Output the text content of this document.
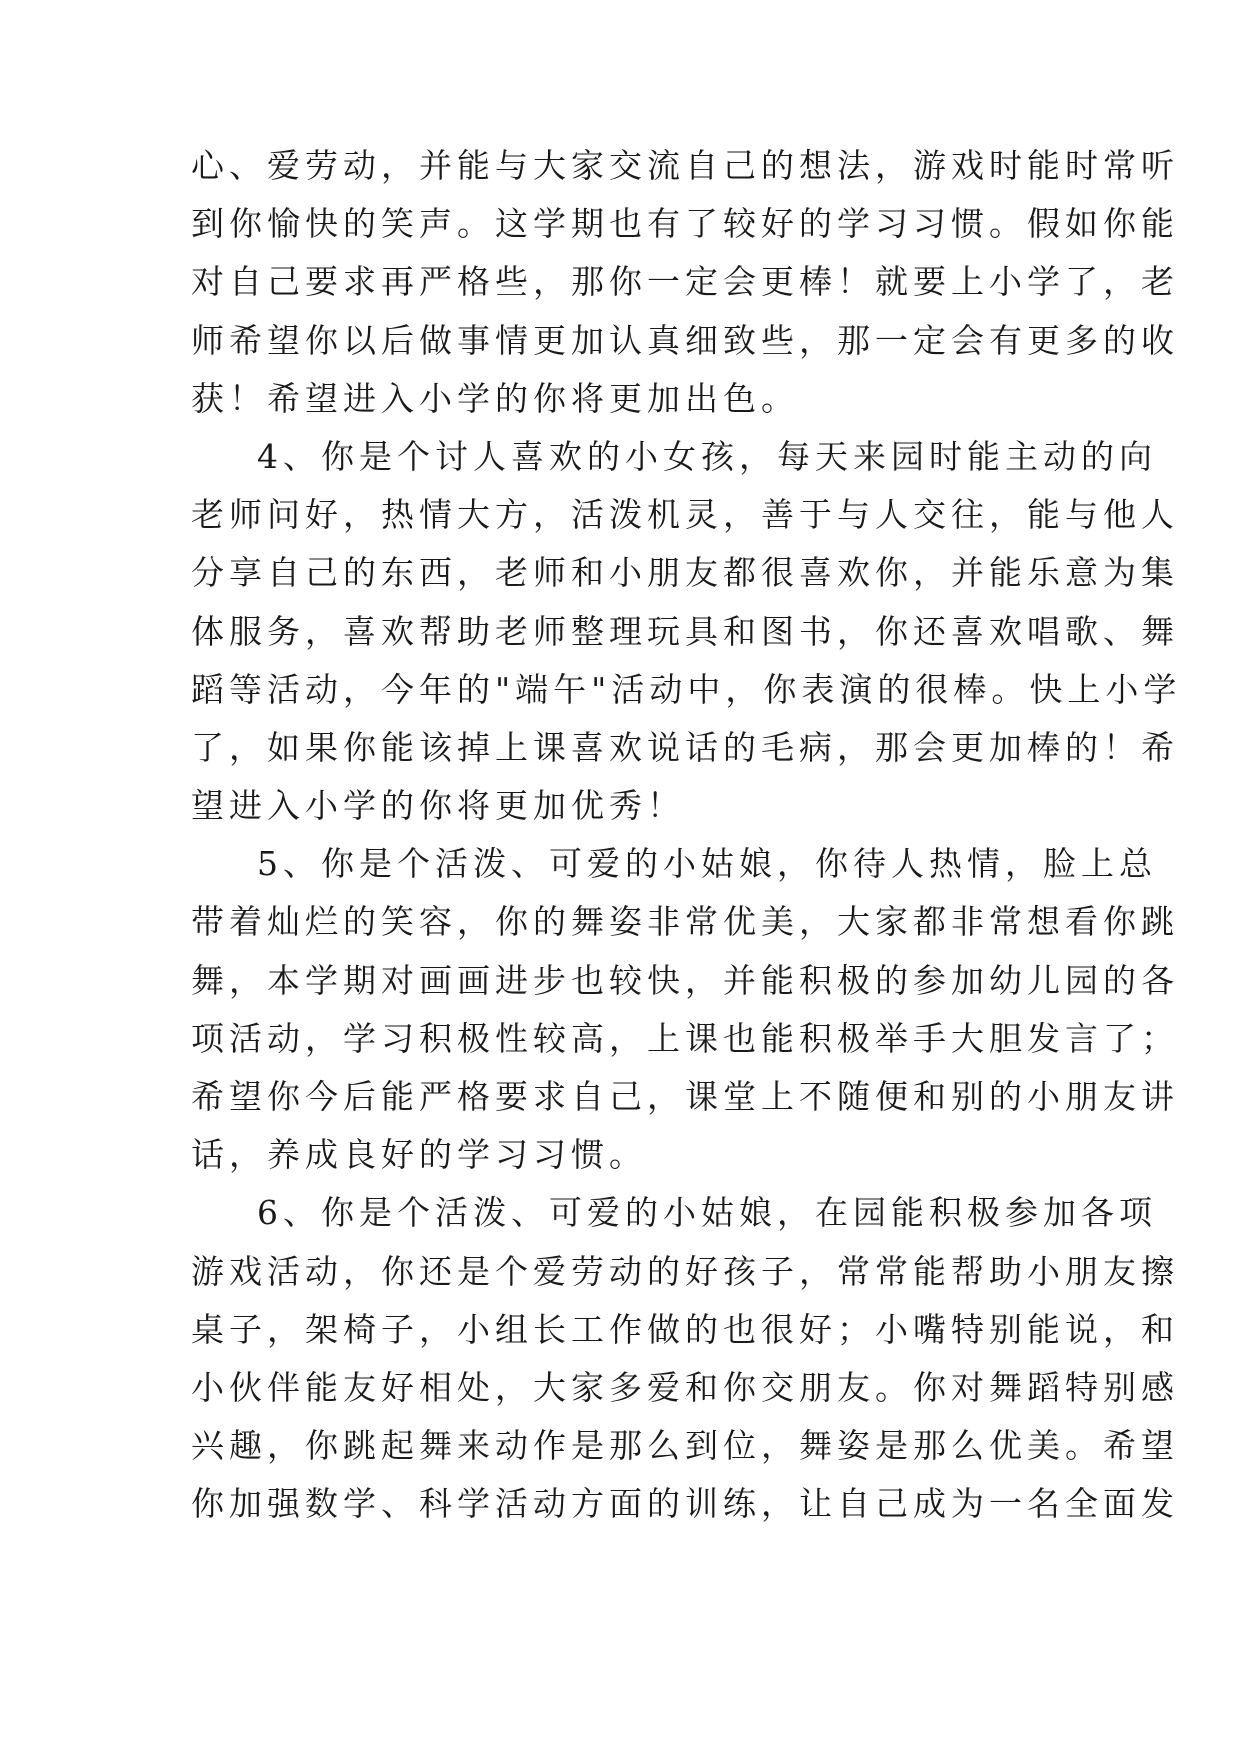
心、爱劳动，并能与大家交流自己的想法，游戏时能时常听
到你愉快的笑声。这学期也有了较好的学习习惯。假如你能
对自己要求再严格些，那你一定会更棒！就要上小学了，老
师希望你以后做事情更加认真细致些，那一定会有更多的收
获！希望进入小学的你将更加出色。
4、你是个讨人喜欢的小女孩，每天来园时能主动的向
老师问好，热情大方，活泼机灵，善于与人交往，能与他人
分享自己的东西，老师和小朋友都很喜欢你，并能乐意为集
体服务，喜欢帮助老师整理玩具和图书，你还喜欢唱歌、舞
蹈等活动，今年的"端午"活动中，你表演的很棒。快上小学
了，如果你能该掉上课喜欢说话的毛病，那会更加棒的！希
望进入小学的你将更加优秀！
5、你是个活泼、可爱的小姑娘，你待人热情，脸上总
带着灿烂的笑容，你的舞姿非常优美，大家都非常想看你跳
舞，本学期对画画进步也较快，并能积极的参加幼儿园的各
项活动，学习积极性较高，上课也能积极举手大胆发言了；
希望你今后能严格要求自己，课堂上不随便和别的小朋友讲
话，养成良好的学习习惯。
6、你是个活泼、可爱的小姑娘，在园能积极参加各项
游戏活动，你还是个爱劳动的好孩子，常常能帮助小朋友擦
桌子，架椅子，小组长工作做的也很好；小嘴特别能说，和
小伙伴能友好相处，大家多爱和你交朋友。你对舞蹈特别感
兴趣，你跳起舞来动作是那么到位，舞姿是那么优美。希望
你加强数学、科学活动方面的训练，让自己成为一名全面发
